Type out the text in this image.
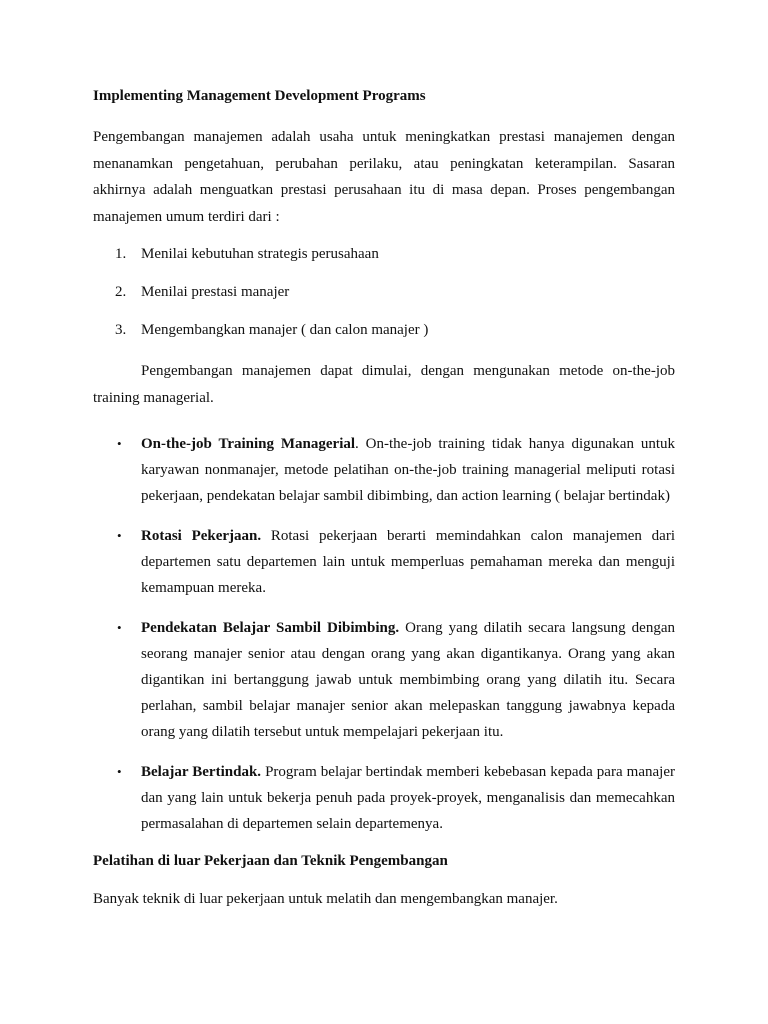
Implementing Management Development Programs

Pengembangan manajemen adalah usaha untuk meningkatkan prestasi manajemen dengan menanamkan pengetahuan, perubahan perilaku, atau peningkatan keterampilan. Sasaran akhirnya adalah menguatkan prestasi perusahaan itu di masa depan. Proses pengembangan manajemen umum terdiri dari :

1. Menilai kebutuhan strategis perusahaan
2. Menilai prestasi manajer
3. Mengembangkan manajer ( dan calon manajer )

Pengembangan manajemen dapat dimulai, dengan mengunakan metode on-the-job training managerial.

• On-the-job Training Managerial. On-the-job training tidak hanya digunakan untuk karyawan nonmanajer, metode pelatihan on-the-job training managerial meliputi rotasi pekerjaan, pendekatan belajar sambil dibimbing, dan action learning ( belajar bertindak)
• Rotasi Pekerjaan. Rotasi pekerjaan berarti memindahkan calon manajemen dari departemen satu departemen lain untuk memperluas pemahaman mereka dan menguji kemampuan mereka.
• Pendekatan Belajar Sambil Dibimbing. Orang yang dilatih secara langsung dengan seorang manajer senior atau dengan orang yang akan digantikanya. Orang yang akan digantikan ini bertanggung jawab untuk membimbing orang yang dilatih itu. Secara perlahan, sambil belajar manajer senior akan melepaskan tanggung jawabnya kepada orang yang dilatih tersebut untuk mempelajari pekerjaan itu.
• Belajar Bertindak. Program belajar bertindak memberi kebebasan kepada para manajer dan yang lain untuk bekerja penuh pada proyek-proyek, menganalisis dan memecahkan permasalahan di departemen selain departemenya.
Pelatihan di luar Pekerjaan dan Teknik Pengembangan

Banyak teknik di luar pekerjaan untuk melatih dan mengembangkan manajer.
